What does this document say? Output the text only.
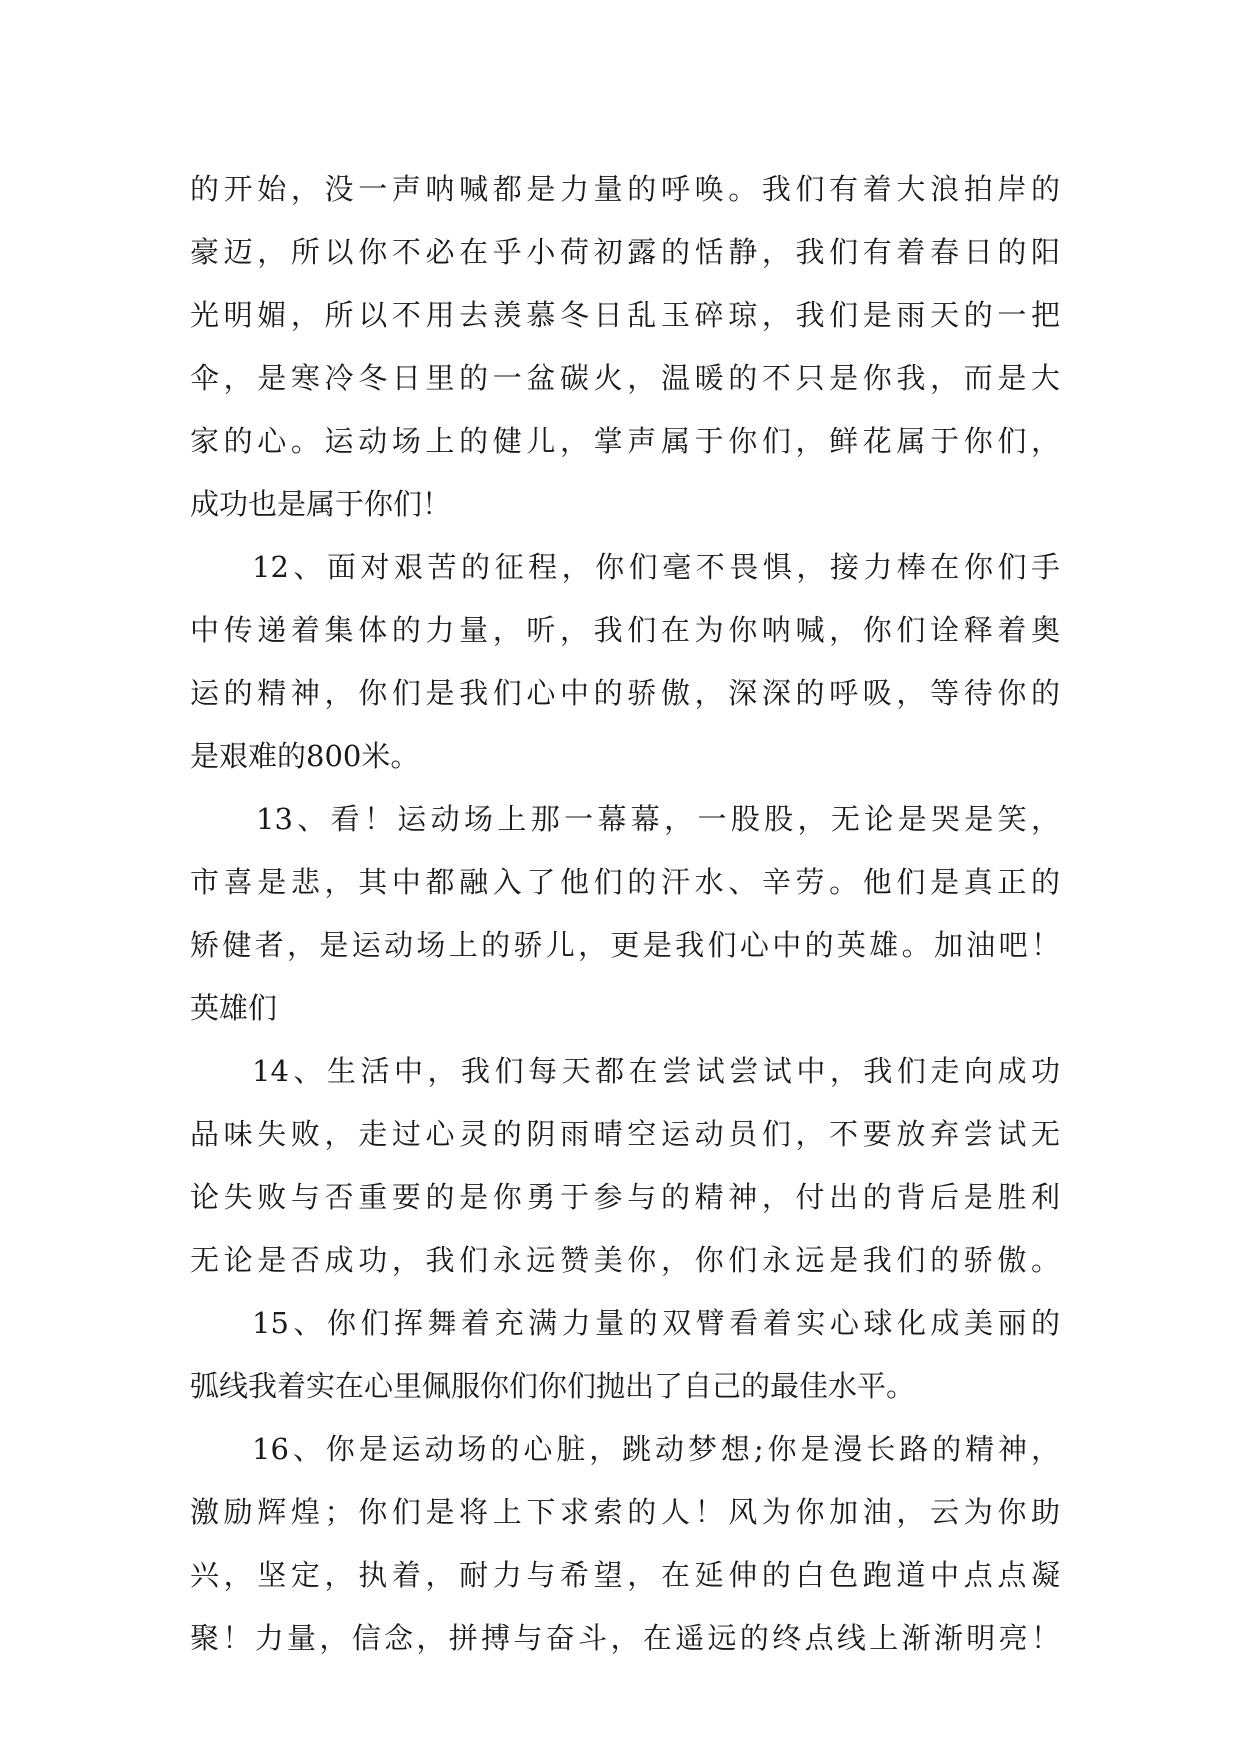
的开始，没一声呐喊都是力量的呼唤。我们有着大浪拍岸的
豪迈，所以你不必在乎小荷初露的恬静，我们有着春日的阳
光明媚，所以不用去羡慕冬日乱玉碎琼，我们是雨天的一把
伞，是寒冷冬日里的一盆碳火，温暖的不只是你我，而是大
家的心。运动场上的健儿，掌声属于你们，鲜花属于你们，
成功也是属于你们！
12、面对艰苦的征程，你们毫不畏惧，接力棒在你们手
中传递着集体的力量，听，我们在为你呐喊，你们诠释着奥
运的精神，你们是我们心中的骄傲，深深的呼吸，等待你的
是艰难的800米。
13、看！运动场上那一幕幕，一股股，无论是哭是笑，
市喜是悲，其中都融入了他们的汗水、辛劳。他们是真正的
矫健者，是运动场上的骄儿，更是我们心中的英雄。加油吧！
英雄们
14、生活中，我们每天都在尝试尝试中，我们走向成功
品味失败，走过心灵的阴雨晴空运动员们，不要放弃尝试无
论失败与否重要的是你勇于参与的精神，付出的背后是胜利
无论是否成功，我们永远赞美你，你们永远是我们的骄傲。
15、你们挥舞着充满力量的双臂看着实心球化成美丽的
弧线我着实在心里佩服你们你们抛出了自己的最佳水平。
16、你是运动场的心脏，跳动梦想;你是漫长路的精神，
激励辉煌；你们是将上下求索的人！风为你加油，云为你助
兴，坚定，执着，耐力与希望，在延伸的白色跑道中点点凝
聚！力量，信念，拼搏与奋斗，在遥远的终点线上渐渐明亮！
